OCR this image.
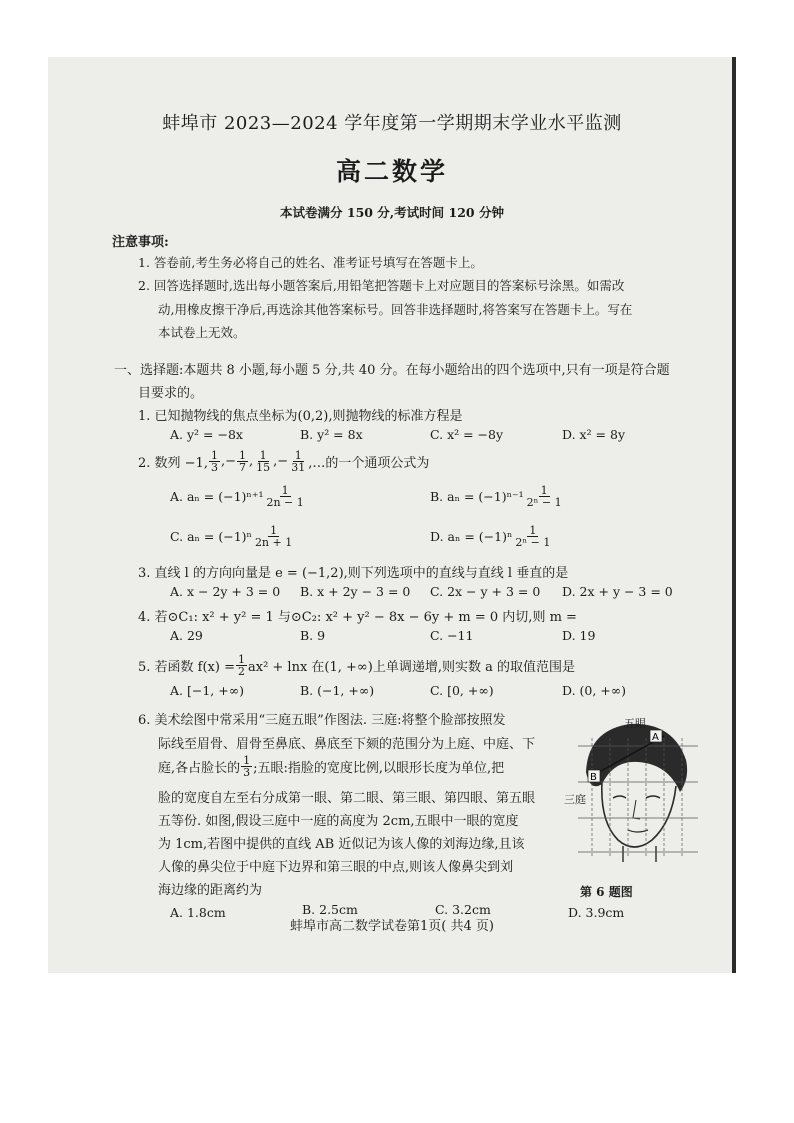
蚌埠市 2023—2024 学年度第一学期期末学业水平监测
高二数学
本试卷满分 150 分,考试时间 120 分钟
注意事项:
1. 答卷前,考生务必将自己的姓名、准考证号填写在答题卡上。
2. 回答选择题时,选出每小题答案后,用铅笔把答题卡上对应题目的答案标号涂黑。如需改
动,用橡皮擦干净后,再选涂其他答案标号。回答非选择题时,将答案写在答题卡上。写在
本试卷上无效。
一、选择题:本题共 8 小题,每小题 5 分,共 40 分。在每小题给出的四个选项中,只有一项是符合题
目要求的。
1. 已知抛物线的焦点坐标为(0,2),则抛物线的标准方程是
A. y² = −8x	B. y² = 8x	C. x² = −8y	D. x² = 8y
2. 数列 −1, $\frac{1}{3}$ , − $\frac{1}{7}$ , $\frac{1}{15}$ , − $\frac{1}{31}$ ,…的一个通项公式为
A. $a_n = (-1)^{n+1} \frac{1}{2n - 1}$	B. $a_n = (-1)^{n-1} \frac{1}{\text{2ⁿ − 1}}$
C. $a_n = (-1)^n \frac{1}{2n + 1}$	D. $a_n = (-1)^n \frac{1}{\text{2ⁿ − 1}}$
3. 直线 l 的方向向量是 e = (−1,2),则下列选项中的直线与直线 l 垂直的是
A. x − 2y + 3 = 0 B. x + 2y − 3 = 0 C. 2x − y + 3 = 0 D. 2x + y − 3 = 0
4. 若⊙C₁: x² + y² = 1 与⊙C₂: x² + y² − 8x − 6y + m = 0 内切,则 m =
A. 29	B. 9	C. −11	D. 19
5. 若函数 $f(x) = \frac{1}{2} ax^2 + \ln x$ 在(1, +∞)上单调递增,则实数 a 的取值范围是
A. [−1, +∞)	B. (−1, +∞)	C. [0, +∞)	D. (0, +∞)
6. 美术绘图中常采用“三庭五眼”作图法. 三庭:将整个脸部按照发
际线至眉骨、眉骨至鼻底、鼻底至下颏的范围分为上庭、中庭、下
庭,各占脸长的 $\frac{1}{3}$ ;五眼:指脸的宽度比例,以眼形长度为单位,把
脸的宽度自左至右分成第一眼、第二眼、第三眼、第四眼、第五眼
五等份. 如图,假设三庭中一庭的高度为 2cm,五眼中一眼的宽度
为 1cm,若图中提供的直线 AB 近似记为该人像的刘海边缘,且该
人像的鼻尖位于中庭下边界和第三眼的中点,则该人像鼻尖到刘
海边缘的距离约为
A. 1.8cm	B. 2.5cm	C. 3.2cm	D. 3.9cm
A
B
五眼
三庭
第 6 题图
蚌埠市高二数学试卷第1页( 共4 页)
